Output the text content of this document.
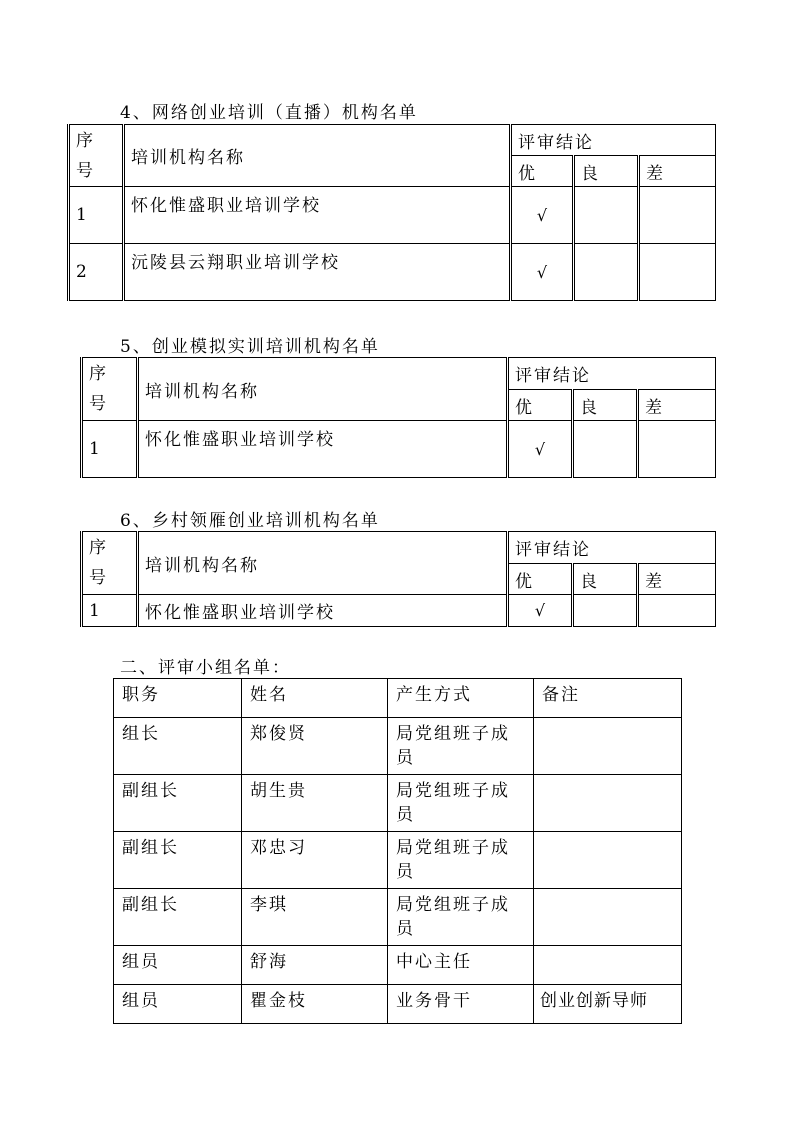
4、网络创业培训（直播）机构名单
序
号	培训机构名称	评审结论		
		优	良	差
1	怀化惟盛职业培训学校	√		
2	沅陵县云翔职业培训学校	√		
5、创业模拟实训培训机构名单
序
号	培训机构名称	评审结论		
		优	良	差
1	怀化惟盛职业培训学校	√		
6、乡村领雁创业培训机构名单
序
号	培训机构名称	评审结论		
		优	良	差
1	怀化惟盛职业培训学校	√		
二、评审小组名单：
职务	姓名	产生方式	备注
组长	郑俊贤	局党组班子成
员	

副组长	胡生贵	局党组班子成
员	

副组长	邓忠习	局党组班子成
员	

副组长	李琪	局党组班子成
员	

组员	舒海	中心主任	
组员	瞿金枝	业务骨干	创业创新导师
